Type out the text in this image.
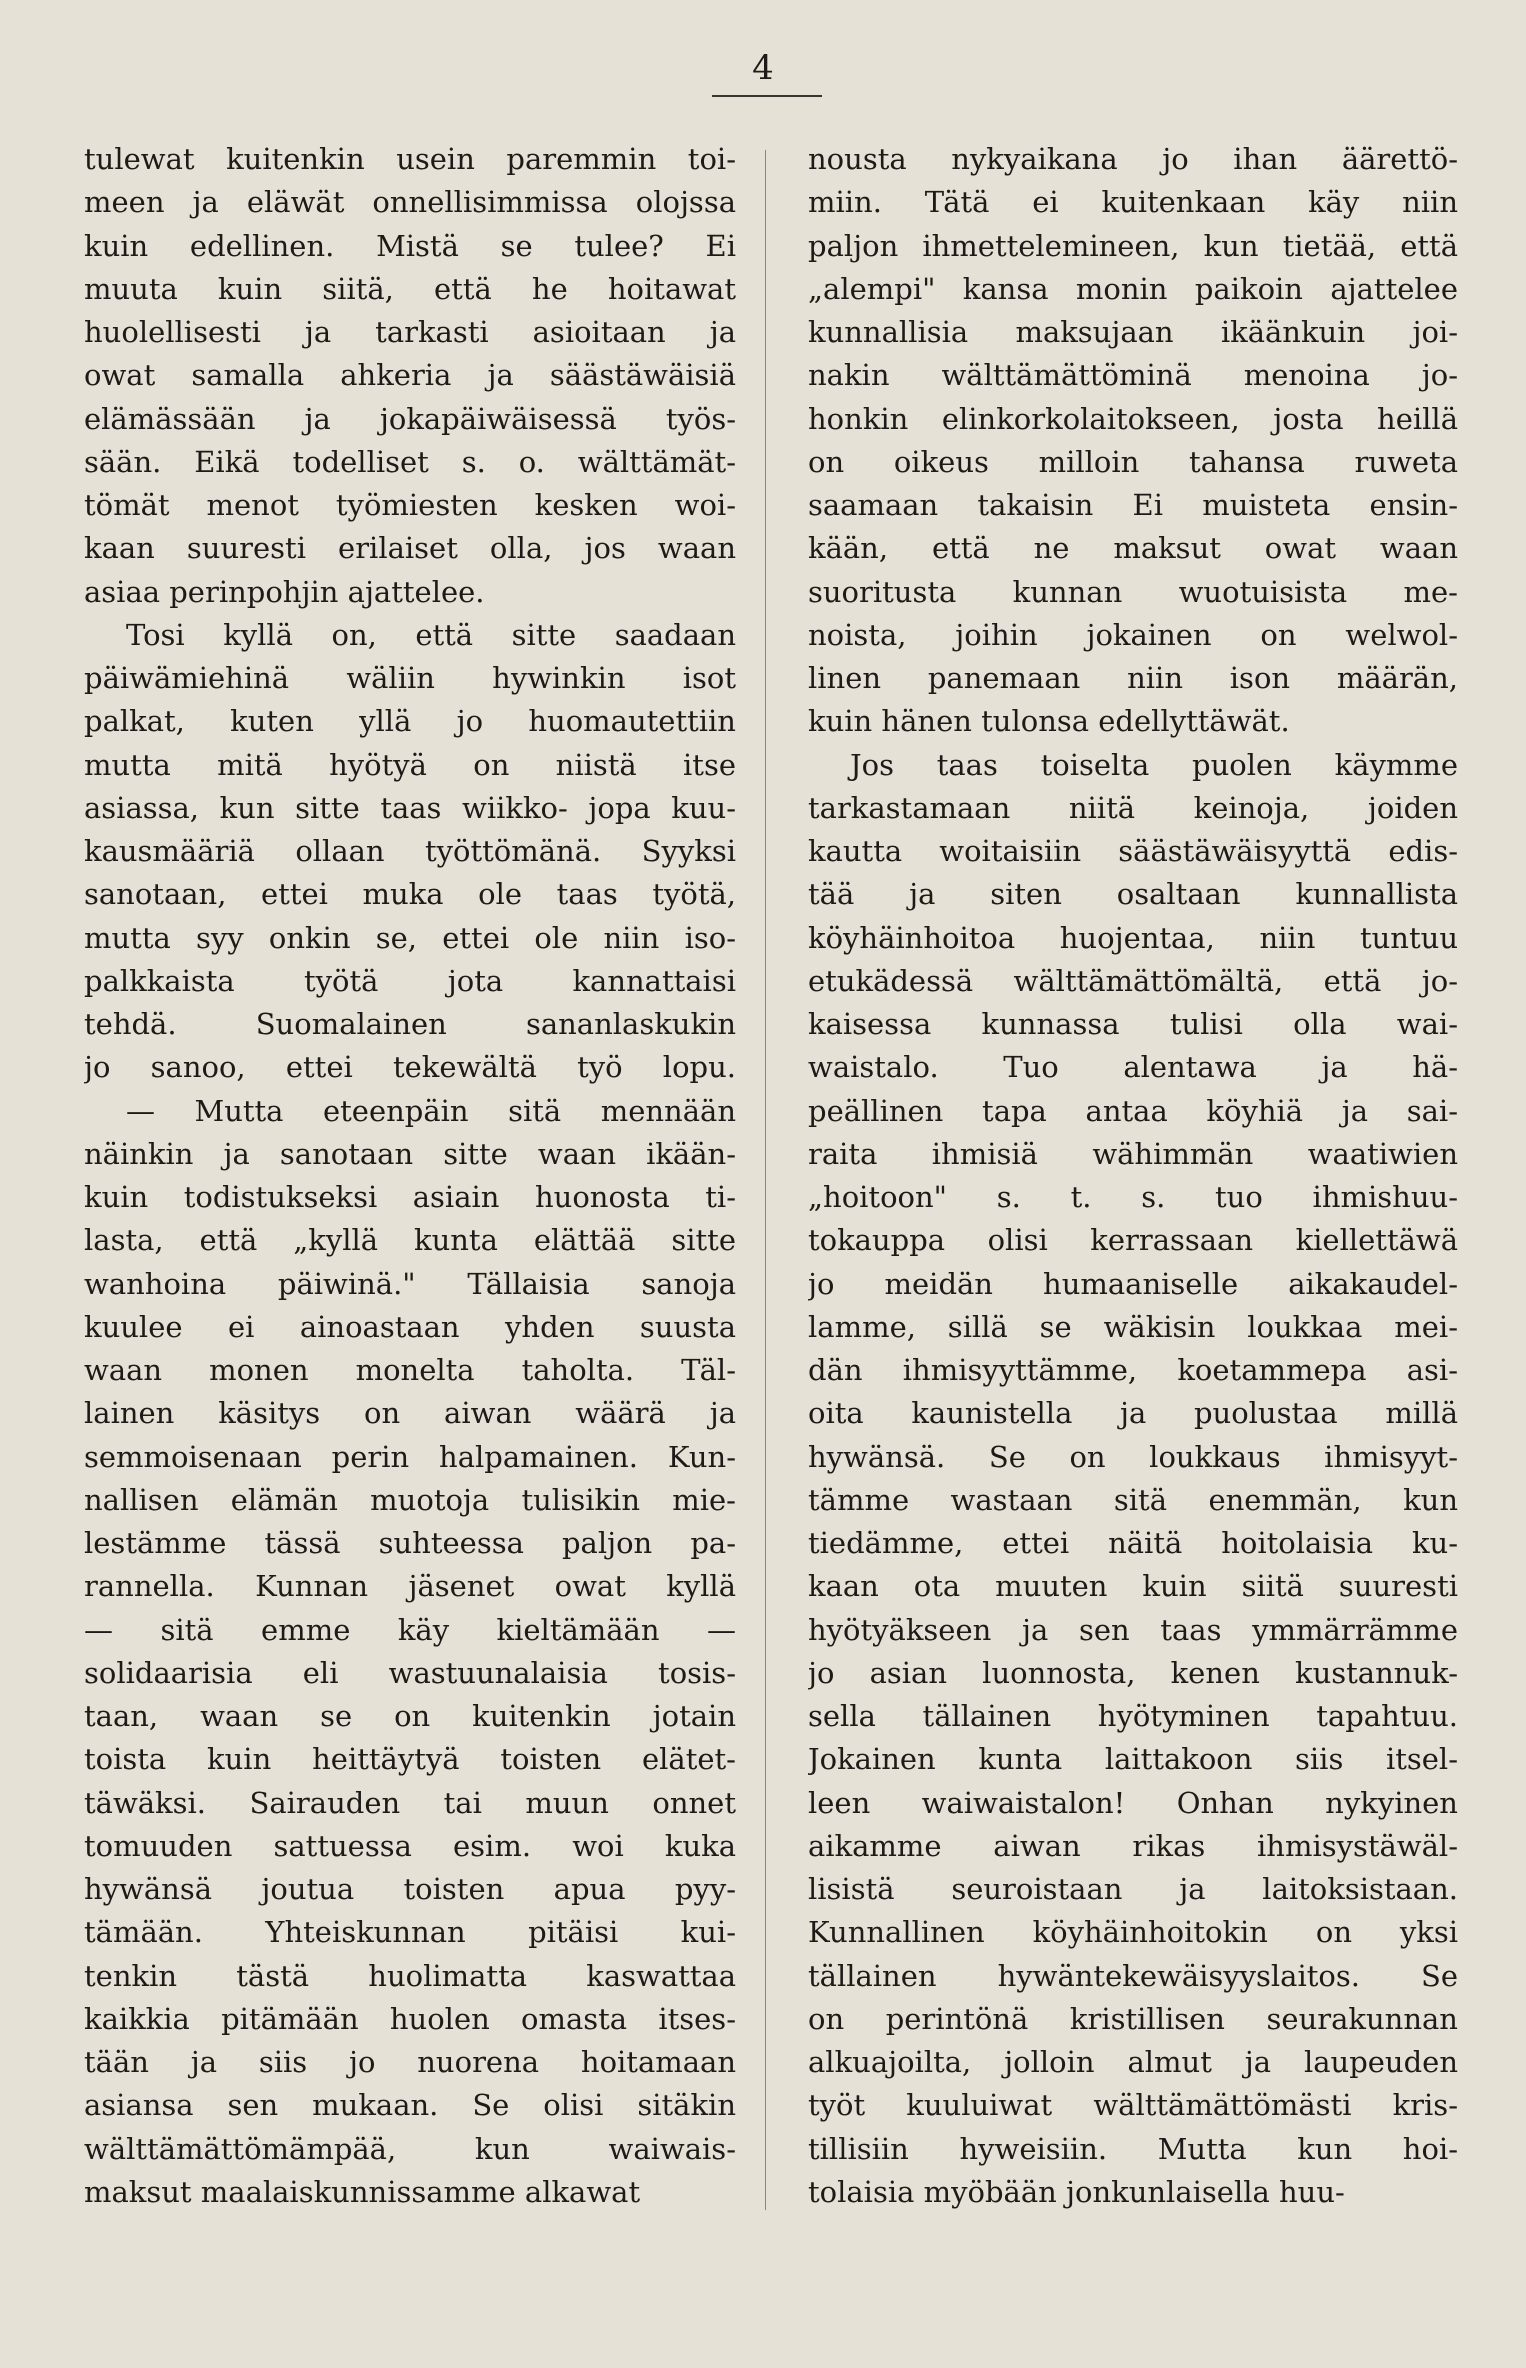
4
tulewat kuitenkin usein paremmin toi-
meen ja eläwät onnellisimmissa olojssa
kuin edellinen. Mistä se tulee? Ei
muuta kuin siitä, että he hoitawat
huolellisesti ja tarkasti asioitaan ja
owat samalla ahkeria ja säästäwäisiä
elämässään ja jokapäiwäisessä työs-
sään. Eikä todelliset s. o. wälttämät-
tömät menot työmiesten kesken woi-
kaan suuresti erilaiset olla, jos waan
asiaa perinpohjin ajattelee.
Tosi kyllä on, että sitte saadaan
päiwämiehinä wäliin hywinkin isot
palkat, kuten yllä jo huomautettiin
mutta mitä hyötyä on niistä itse
asiassa, kun sitte taas wiikko- jopa kuu-
kausmääriä ollaan työttömänä. Syyksi
sanotaan, ettei muka ole taas työtä,
mutta syy onkin se, ettei ole niin iso-
palkkaista työtä jota kannattaisi
tehdä. Suomalainen sananlaskukin
jo sanoo, ettei tekewältä työ lopu.
— Mutta eteenpäin sitä mennään
näinkin ja sanotaan sitte waan ikään-
kuin todistukseksi asiain huonosta ti-
lasta, että „kyllä kunta elättää sitte
wanhoina päiwinä." Tällaisia sanoja
kuulee ei ainoastaan yhden suusta
waan monen monelta taholta. Täl-
lainen käsitys on aiwan wäärä ja
semmoisenaan perin halpamainen. Kun-
nallisen elämän muotoja tulisikin mie-
lestämme tässä suhteessa paljon pa-
rannella. Kunnan jäsenet owat kyllä
— sitä emme käy kieltämään —
solidaarisia eli wastuunalaisia tosis-
taan, waan se on kuitenkin jotain
toista kuin heittäytyä toisten elätet-
täwäksi. Sairauden tai muun onnet
tomuuden sattuessa esim. woi kuka
hywänsä joutua toisten apua pyy-
tämään. Yhteiskunnan pitäisi kui-
tenkin tästä huolimatta kaswattaa
kaikkia pitämään huolen omasta itses-
tään ja siis jo nuorena hoitamaan
asiansa sen mukaan. Se olisi sitäkin
wälttämättömämpää, kun waiwais-
maksut maalaiskunnissamme alkawat
nousta nykyaikana jo ihan äärettö-
miin. Tätä ei kuitenkaan käy niin
paljon ihmettelemineen, kun tietää, että
„alempi" kansa monin paikoin ajattelee
kunnallisia maksujaan ikäänkuin joi-
nakin wälttämättöminä menoina jo-
honkin elinkorkolaitokseen, josta heillä
on oikeus milloin tahansa ruweta
saamaan takaisin Ei muisteta ensin-
kään, että ne maksut owat waan
suoritusta kunnan wuotuisista me-
noista, joihin jokainen on welwol-
linen panemaan niin ison määrän,
kuin hänen tulonsa edellyttäwät.
Jos taas toiselta puolen käymme
tarkastamaan niitä keinoja, joiden
kautta woitaisiin säästäwäisyyttä edis-
tää ja siten osaltaan kunnallista
köyhäinhoitoa huojentaa, niin tuntuu
etukädessä wälttämättömältä, että jo-
kaisessa kunnassa tulisi olla wai-
waistalo. Tuo alentawa ja hä-
peällinen tapa antaa köyhiä ja sai-
raita ihmisiä wähimmän waatiwien
„hoitoon" s. t. s. tuo ihmishuu-
tokauppa olisi kerrassaan kiellettäwä
jo meidän humaaniselle aikakaudel-
lamme, sillä se wäkisin loukkaa mei-
dän ihmisyyttämme, koetammepa asi-
oita kaunistella ja puolustaa millä
hywänsä. Se on loukkaus ihmisyyt-
tämme wastaan sitä enemmän, kun
tiedämme, ettei näitä hoitolaisia ku-
kaan ota muuten kuin siitä suuresti
hyötyäkseen ja sen taas ymmärrämme
jo asian luonnosta, kenen kustannuk-
sella tällainen hyötyminen tapahtuu.
Jokainen kunta laittakoon siis itsel-
leen waiwaistalon! Onhan nykyinen
aikamme aiwan rikas ihmisystäwäl-
lisistä seuroistaan ja laitoksistaan.
Kunnallinen köyhäinhoitokin on yksi
tällainen hywäntekewäisyyslaitos. Se
on perintönä kristillisen seurakunnan
alkuajoilta, jolloin almut ja laupeuden
työt kuuluiwat wälttämättömästi kris-
tillisiin hyweisiin. Mutta kun hoi-
tolaisia myöbään jonkunlaisella huu-
